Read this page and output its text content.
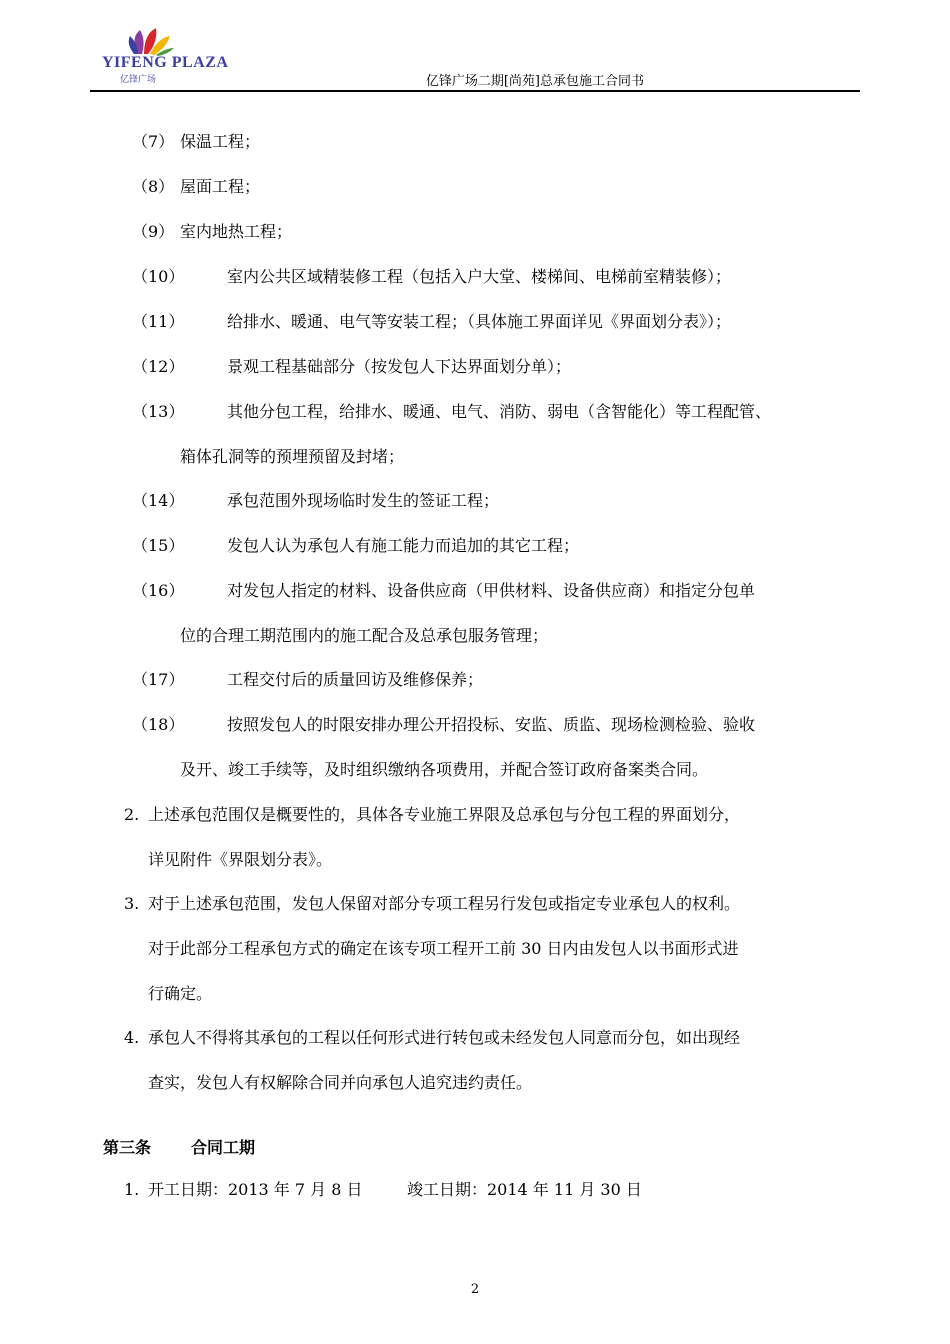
YIFENG PLAZA
亿锋广场	亿锋广场二期[尚苑]总承包施工合同书
（7） 保温工程；
（8） 屋面工程；
（9） 室内地热工程；
（10）	室内公共区域精装修工程（包括入户大堂、楼梯间、电梯前室精装修）；
（11）	给排水、暖通、电气等安装工程；（具体施工界面详见《界面划分表》）；
（12）	景观工程基础部分（按发包人下达界面划分单）；
（13）	其他分包工程，给排水、暖通、电气、消防、弱电（含智能化）等工程配管、
箱体孔洞等的预埋预留及封堵；
（14）	承包范围外现场临时发生的签证工程；
（15）	发包人认为承包人有施工能力而追加的其它工程；
（16）	对发包人指定的材料、设备供应商（甲供材料、设备供应商）和指定分包单
位的合理工期范围内的施工配合及总承包服务管理；
（17）	工程交付后的质量回访及维修保养；
（18）	按照发包人的时限安排办理公开招投标、安监、质监、现场检测检验、验收
及开、竣工手续等，及时组织缴纳各项费用，并配合签订政府备案类合同。
2. 上述承包范围仅是概要性的，具体各专业施工界限及总承包与分包工程的界面划分，
详见附件《界限划分表》。
3. 对于上述承包范围，发包人保留对部分专项工程另行发包或指定专业承包人的权利。
对于此部分工程承包方式的确定在该专项工程开工前 30 日内由发包人以书面形式进
行确定。
4. 承包人不得将其承包的工程以任何形式进行转包或未经发包人同意而分包，如出现经
查实，发包人有权解除合同并向承包人追究违约责任。
第三条 合同工期
1. 开工日期：2013 年 7 月 8 日	竣工日期：2014 年 11 月 30 日
2
